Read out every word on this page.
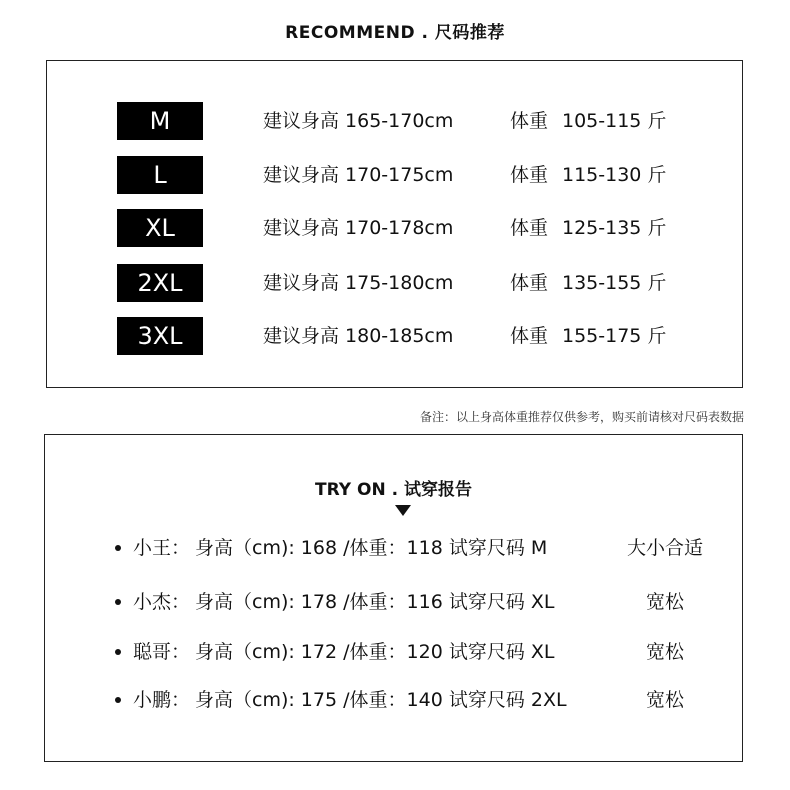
RECOMMEND . 尺码推荐
M	建议身高 165-170cm	体重 105-115 斤
L	建议身高 170-175cm	体重 115-130 斤
XL	建议身高 170-178cm	体重 125-135 斤
2XL	建议身高 175-180cm	体重 135-155 斤
3XL	建议身高 180-185cm	体重 155-175 斤
备注：以上身高体重推荐仅供参考，购买前请核对尺码表数据
TRY ON . 试穿报告
小王： 身高（cm): 168 /体重：118 试穿尺码 M	大小合适
小杰： 身高（cm): 178 /体重：116 试穿尺码 XL	宽松
聪哥： 身高（cm): 172 /体重：120 试穿尺码 XL	宽松
小鹏： 身高（cm): 175 /体重：140 试穿尺码 2XL	宽松
